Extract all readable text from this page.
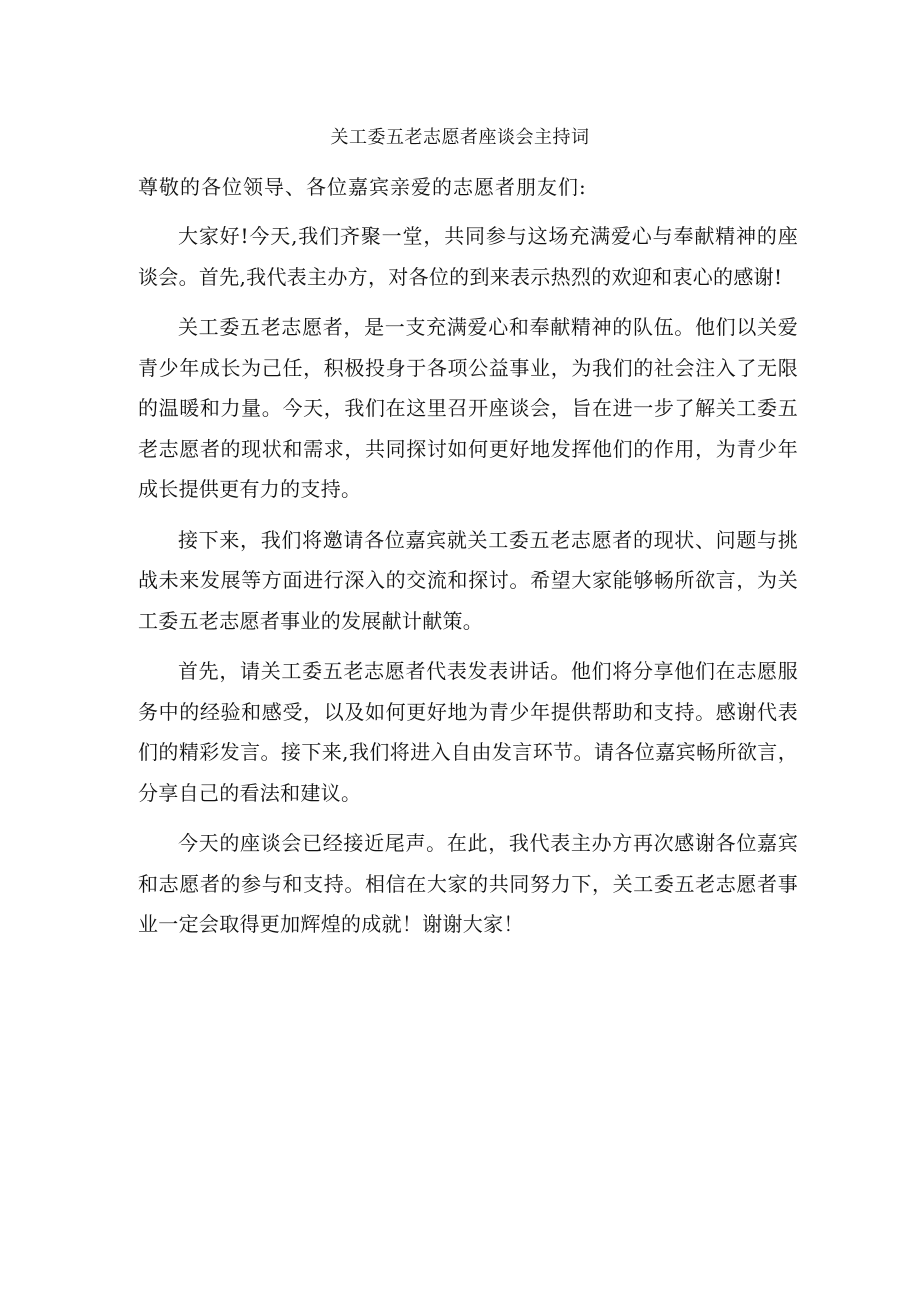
关工委五老志愿者座谈会主持词
尊敬的各位领导、各位嘉宾亲爱的志愿者朋友们:

大家好!今天,我们齐聚一堂，共同参与这场充满爱心与奉献精神的座谈会。首先,我代表主办方，对各位的到来表示热烈的欢迎和衷心的感谢!

关工委五老志愿者，是一支充满爱心和奉献精神的队伍。他们以关爱青少年成长为己任，积极投身于各项公益事业，为我们的社会注入了无限的温暖和力量。今天，我们在这里召开座谈会，旨在进一步了解关工委五老志愿者的现状和需求，共同探讨如何更好地发挥他们的作用，为青少年成长提供更有力的支持。

接下来，我们将邀请各位嘉宾就关工委五老志愿者的现状、问题与挑战未来发展等方面进行深入的交流和探讨。希望大家能够畅所欲言，为关工委五老志愿者事业的发展献计献策。

首先，请关工委五老志愿者代表发表讲话。他们将分享他们在志愿服务中的经验和感受，以及如何更好地为青少年提供帮助和支持。感谢代表们的精彩发言。接下来,我们将进入自由发言环节。请各位嘉宾畅所欲言，分享自己的看法和建议。

今天的座谈会已经接近尾声。在此，我代表主办方再次感谢各位嘉宾和志愿者的参与和支持。相信在大家的共同努力下，关工委五老志愿者事业一定会取得更加辉煌的成就！谢谢大家！
